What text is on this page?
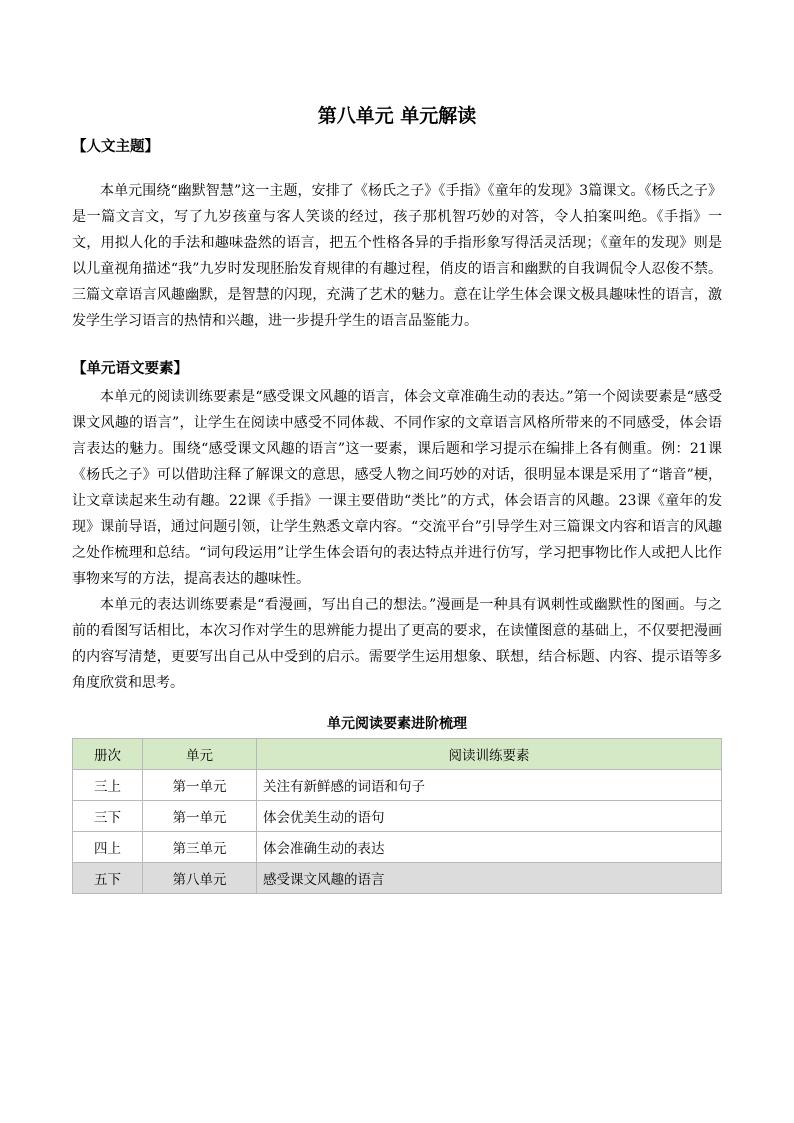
第八单元 单元解读

【人文主题】

本单元围绕“幽默智慧”这一主题，安排了《杨氏之子》《手指》《童年的发现》3篇课文。《杨氏之子》是一篇文言文，写了九岁孩童与客人笑谈的经过，孩子那机智巧妙的对答，令人拍案叫绝。《手指》一文，用拟人化的手法和趣味盎然的语言，把五个性格各异的手指形象写得活灵活现；《童年的发现》则是以儿童视角描述“我”九岁时发现胚胎发育规律的有趣过程，俏皮的语言和幽默的自我调侃令人忍俊不禁。三篇文章语言风趣幽默，是智慧的闪现，充满了艺术的魅力。意在让学生体会课文极具趣味性的语言，激发学生学习语言的热情和兴趣，进一步提升学生的语言品鉴能力。

【单元语文要素】

本单元的阅读训练要素是“感受课文风趣的语言，体会文章准确生动的表达。”第一个阅读要素是“感受课文风趣的语言”，让学生在阅读中感受不同体裁、不同作家的文章语言风格所带来的不同感受，体会语言表达的魅力。围绕“感受课文风趣的语言”这一要素，课后题和学习提示在编排上各有侧重。例：21课《杨氏之子》可以借助注释了解课文的意思，感受人物之间巧妙的对话，很明显本课是采用了“谐音”梗，让文章读起来生动有趣。22课《手指》一课主要借助“类比”的方式，体会语言的风趣。23课《童年的发现》课前导语，通过问题引领，让学生熟悉文章内容。“交流平台”引导学生对三篇课文内容和语言的风趣之处作梳理和总结。“词句段运用”让学生体会语句的表达特点并进行仿写，学习把事物比作人或把人比作事物来写的方法，提高表达的趣味性。

本单元的表达训练要素是“看漫画，写出自己的想法。”漫画是一种具有讽刺性或幽默性的图画。与之前的看图写话相比，本次习作对学生的思辨能力提出了更高的要求，在读懂图意的基础上，不仅要把漫画的内容写清楚，更要写出自己从中受到的启示。需要学生运用想象、联想，结合标题、内容、提示语等多角度欣赏和思考。

单元阅读要素进阶梳理

册次	单元	阅读训练要素
三上	第一单元	关注有新鲜感的词语和句子
三下	第一单元	体会优美生动的语句
四上	第三单元	体会准确生动的表达
五下	第八单元	感受课文风趣的语言
